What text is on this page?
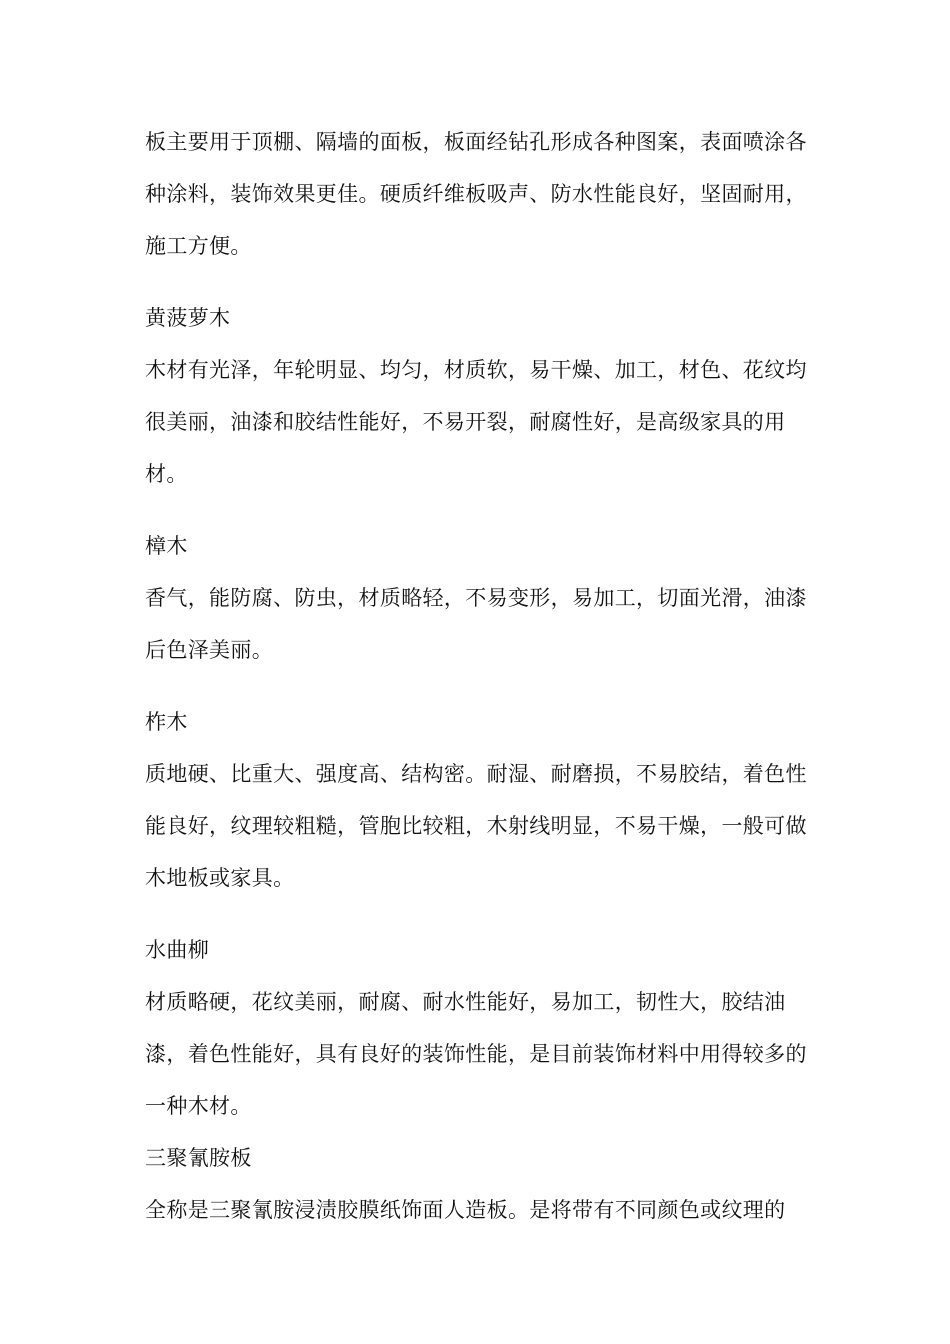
板主要用于顶棚、隔墙的面板，板面经钻孔形成各种图案，表面喷涂各种涂料，装饰效果更佳。硬质纤维板吸声、防水性能良好，坚固耐用，施工方便。

黄菠萝木

木材有光泽，年轮明显、均匀，材质软，易干燥、加工，材色、花纹均很美丽，油漆和胶结性能好，不易开裂，耐腐性好，是高级家具的用材。

樟木

香气，能防腐、防虫，材质略轻，不易变形，易加工，切面光滑，油漆后色泽美丽。

柞木

质地硬、比重大、强度高、结构密。耐湿、耐磨损，不易胶结，着色性能良好，纹理较粗糙，管胞比较粗，木射线明显，不易干燥，一般可做木地板或家具。

水曲柳

材质略硬，花纹美丽，耐腐、耐水性能好，易加工，韧性大，胶结油漆，着色性能好，具有良好的装饰性能，是目前装饰材料中用得较多的一种木材。

三聚氰胺板

全称是三聚氰胺浸渍胶膜纸饰面人造板。是将带有不同颜色或纹理的
